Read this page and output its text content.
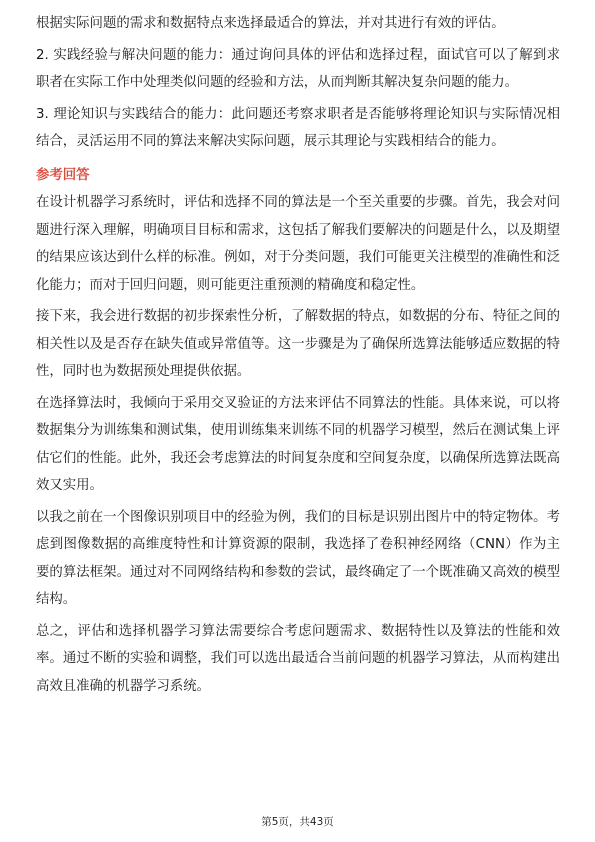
根据实际问题的需求和数据特点来选择最适合的算法，并对其进行有效的评估。

2. 实践经验与解决问题的能力：通过询问具体的评估和选择过程，面试官可以了解到求职者在实际工作中处理类似问题的经验和方法，从而判断其解决复杂问题的能力。

3. 理论知识与实践结合的能力：此问题还考察求职者是否能够将理论知识与实际情况相结合，灵活运用不同的算法来解决实际问题，展示其理论与实践相结合的能力。

参考回答

在设计机器学习系统时，评估和选择不同的算法是一个至关重要的步骤。首先，我会对问题进行深入理解，明确项目目标和需求，这包括了解我们要解决的问题是什么，以及期望的结果应该达到什么样的标准。例如，对于分类问题，我们可能更关注模型的准确性和泛化能力；而对于回归问题，则可能更注重预测的精确度和稳定性。

接下来，我会进行数据的初步探索性分析，了解数据的特点，如数据的分布、特征之间的相关性以及是否存在缺失值或异常值等。这一步骤是为了确保所选算法能够适应数据的特性，同时也为数据预处理提供依据。

在选择算法时，我倾向于采用交叉验证的方法来评估不同算法的性能。具体来说，可以将数据集分为训练集和测试集，使用训练集来训练不同的机器学习模型，然后在测试集上评估它们的性能。此外，我还会考虑算法的时间复杂度和空间复杂度，以确保所选算法既高效又实用。

以我之前在一个图像识别项目中的经验为例，我们的目标是识别出图片中的特定物体。考虑到图像数据的高维度特性和计算资源的限制，我选择了卷积神经网络（CNN）作为主要的算法框架。通过对不同网络结构和参数的尝试，最终确定了一个既准确又高效的模型结构。

总之，评估和选择机器学习算法需要综合考虑问题需求、数据特性以及算法的性能和效率。通过不断的实验和调整，我们可以选出最适合当前问题的机器学习算法，从而构建出高效且准确的机器学习系统。

第5页，共43页
